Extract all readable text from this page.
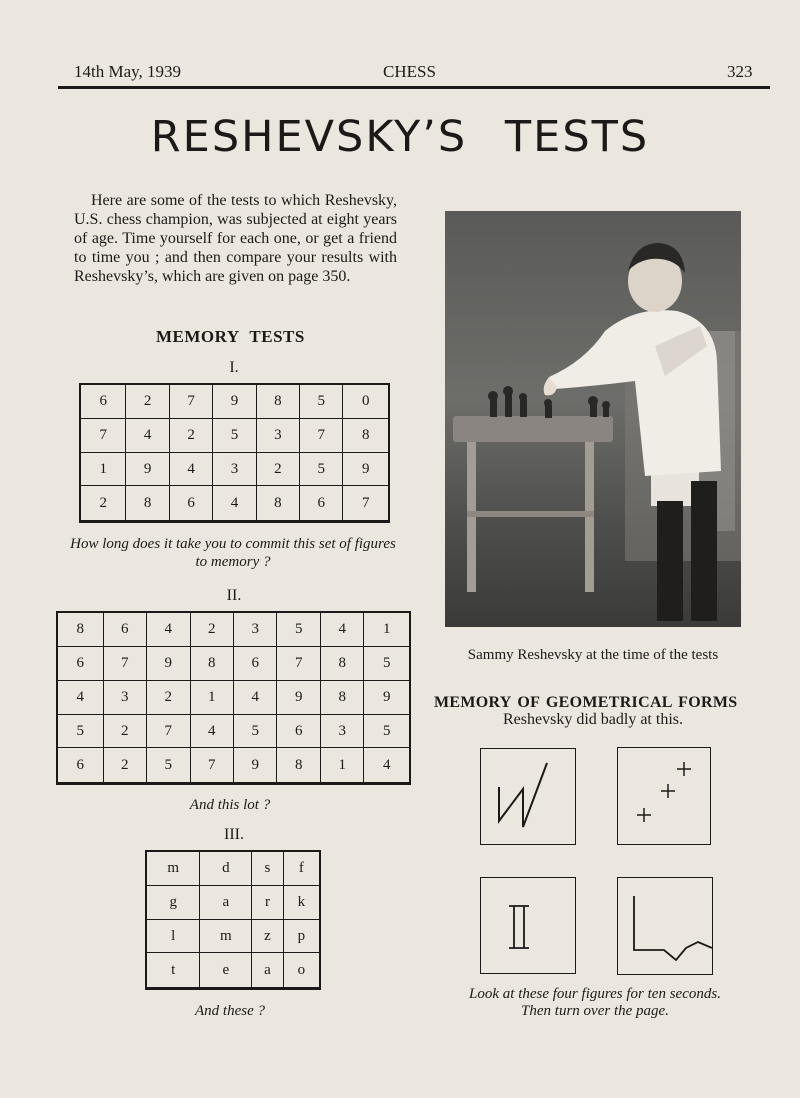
14th May, 1939	CHESS	323
RESHEVSKY’S TESTS
Here are some of the tests to which Reshevsky, U.S. chess champion, was subjected at eight years of age. Time yourself for each one, or get a friend to time you ; and then compare your results with Reshevsky’s, which are given on page 350.
MEMORY TESTS
I.
6	2	7	9	8	5	0
7	4	2	5	3	7	8
1	9	4	3	2	5	9
2	8	6	4	8	6	7
How long does it take you to commit this set of figures to memory ?
II.
8	6	4	2	3	5	4	1
6	7	9	8	6	7	8	5
4	3	2	1	4	9	8	9
5	2	7	4	5	6	3	5
6	2	5	7	9	8	1	4
And this lot ?
III.
m	d	s	f
g	a	r	k
l	m	z	p
t	e	a	o
And these ?
Sammy Reshevsky at the time of the tests
MEMORY OF GEOMETRICAL FORMS
Reshevsky did badly at this.
Look at these four figures for ten seconds.
Then turn over the page.
